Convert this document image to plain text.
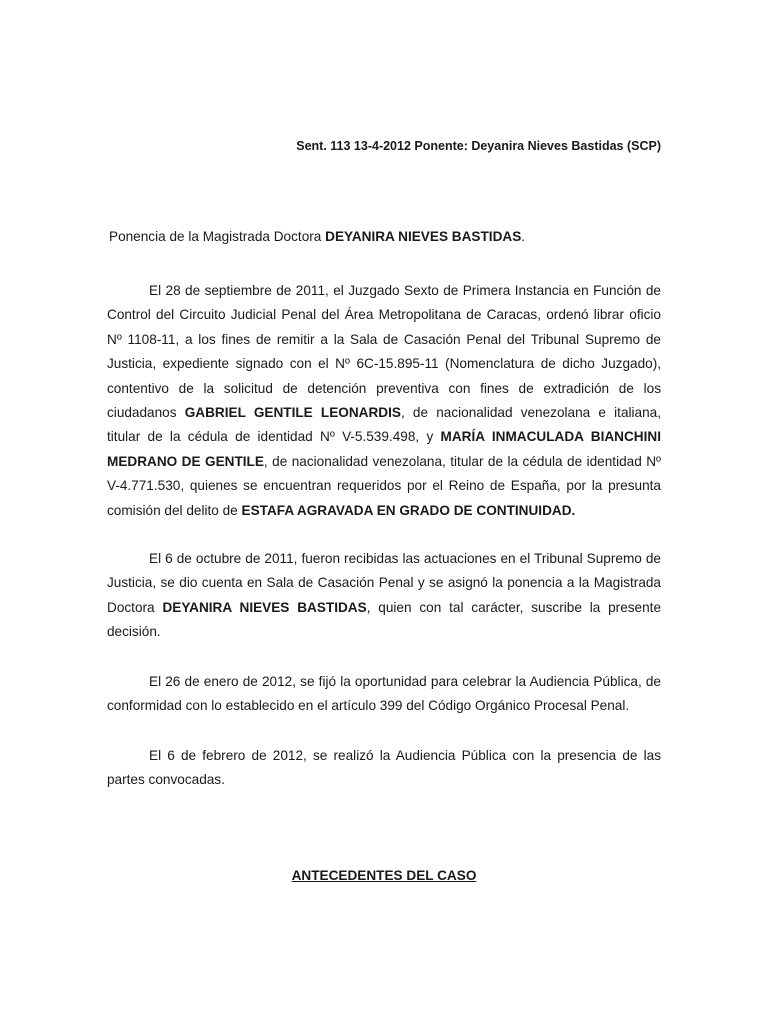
Sent. 113 13-4-2012 Ponente: Deyanira Nieves Bastidas (SCP)
Ponencia de la Magistrada Doctora DEYANIRA NIEVES BASTIDAS.

El 28 de septiembre de 2011, el Juzgado Sexto de Primera Instancia en Función de Control del Circuito Judicial Penal del Área Metropolitana de Caracas, ordenó librar oficio Nº 1108-11, a los fines de remitir a la Sala de Casación Penal del Tribunal Supremo de Justicia, expediente signado con el Nº 6C-15.895-11 (Nomenclatura de dicho Juzgado), contentivo de la solicitud de detención preventiva con fines de extradición de los ciudadanos GABRIEL GENTILE LEONARDIS, de nacionalidad venezolana e italiana, titular de la cédula de identidad Nº V-5.539.498, y MARÍA INMACULADA BIANCHINI MEDRANO DE GENTILE, de nacionalidad venezolana, titular de la cédula de identidad Nº V-4.771.530, quienes se encuentran requeridos por el Reino de España, por la presunta comisión del delito de ESTAFA AGRAVADA EN GRADO DE CONTINUIDAD.

El 6 de octubre de 2011, fueron recibidas las actuaciones en el Tribunal Supremo de Justicia, se dio cuenta en Sala de Casación Penal y se asignó la ponencia a la Magistrada Doctora DEYANIRA NIEVES BASTIDAS, quien con tal carácter, suscribe la presente decisión.

El 26 de enero de 2012, se fijó la oportunidad para celebrar la Audiencia Pública, de conformidad con lo establecido en el artículo 399 del Código Orgánico Procesal Penal.

El 6 de febrero de 2012, se realizó la Audiencia Pública con la presencia de las partes convocadas.

ANTECEDENTES DEL CASO
